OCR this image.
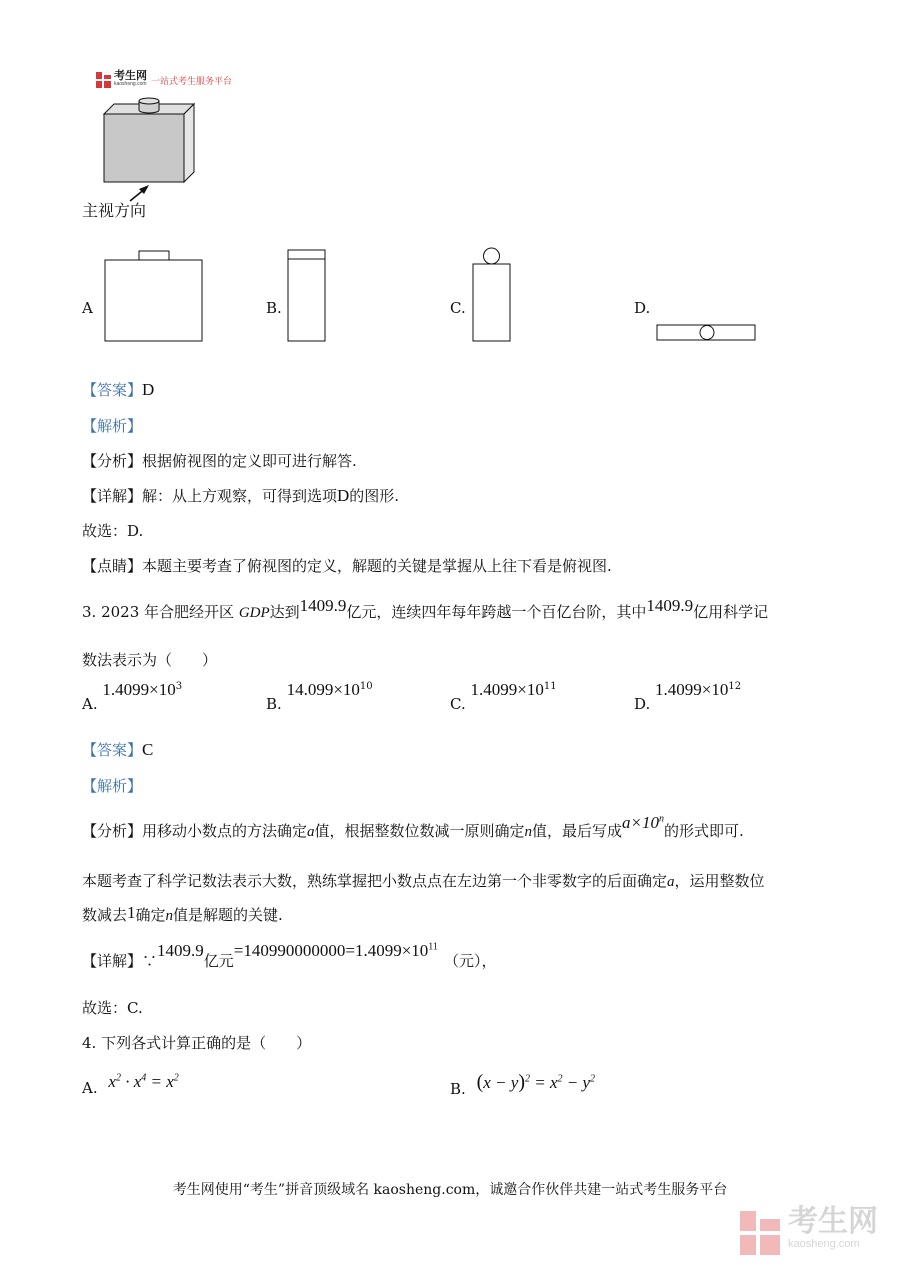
考生网
kaosheng.com 一站式考生服务平台
主视方向
A	B.	C.	D.
【答案】D
【解析】
【分析】根据俯视图的定义即可进行解答.
【详解】解：从上方观察，可得到选项D的图形.
故选：D.
【点睛】本题主要考查了俯视图的定义，解题的关键是掌握从上往下看是俯视图.
3. 2023 年合肥经开区 GDP达到1409.9亿元，连续四年每年跨越一个百亿台阶，其中1409.9亿用科学记
数法表示为（　　）
A. $1.4099\times 10^3$
B. $14.099\times 10^{10}$
C. $1.4099\times 10^{11}$
D. $1.4099\times 10^{12}$
【答案】C
【解析】
【分析】用移动小数点的方法确定a值，根据整数位数减一原则确定n值，最后写成$a\times 10^n$的形式即可.
本题考查了科学记数法表示大数，熟练掌握把小数点点在左边第一个非零数字的后面确定a，运用整数位
数减去1确定n值是解题的关键.
【详解】∵1409.9亿元$=140990000000=1.4099\times 10^{11}$（元），
故选：C.
4. 下列各式计算正确的是（　　）
A. $x^2 \cdot x^4 = x^2$
B. $(x - y)^2 = x^2 - y^2$
考生网使用“考生”拼音顶级域名 kaosheng.com，诚邀合作伙伴共建一站式考生服务平台
考生网
kaosheng.com
